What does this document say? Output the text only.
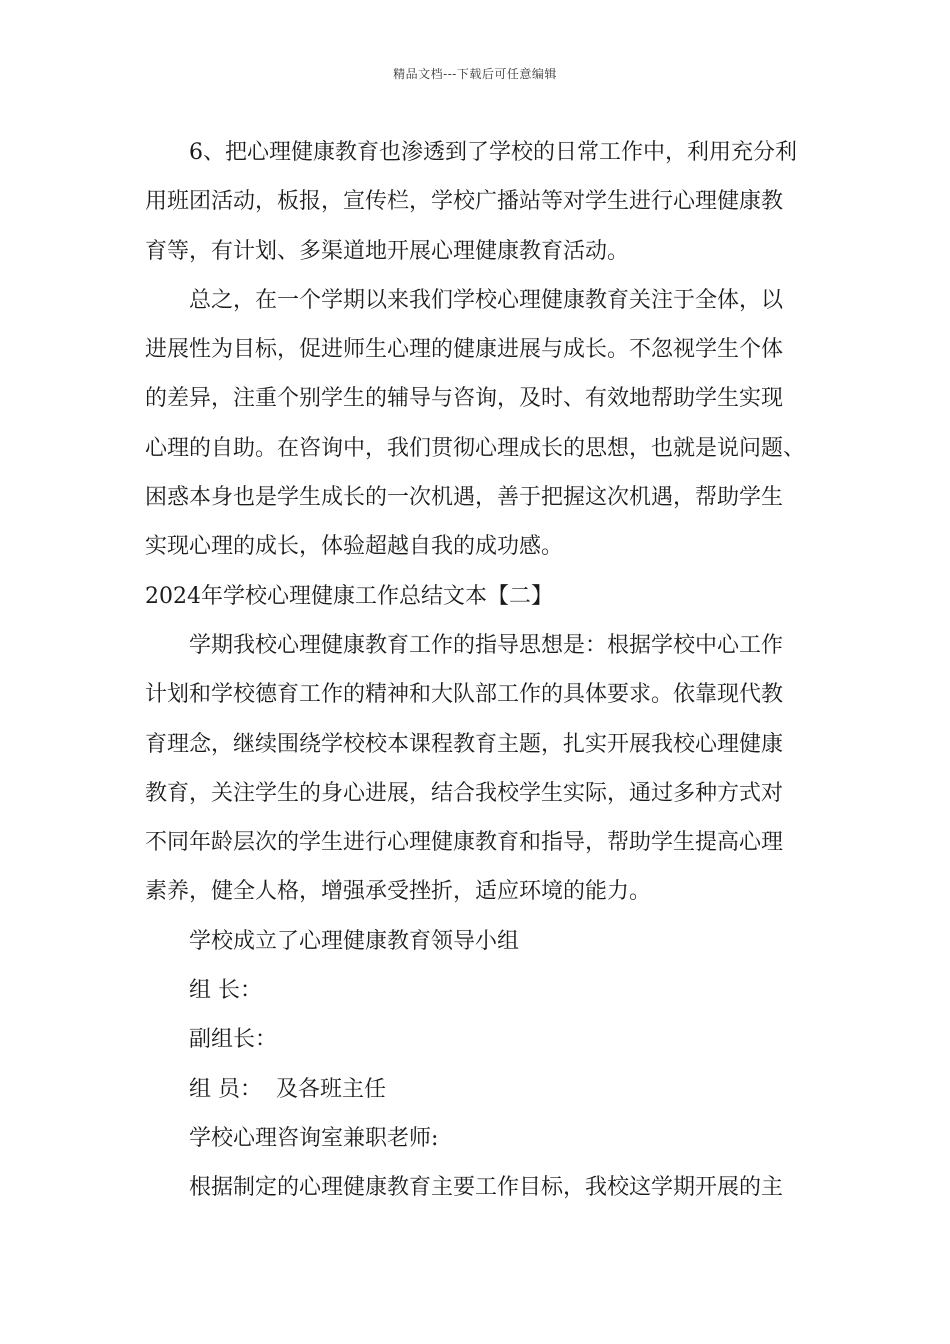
精品文档---下载后可任意编辑
6、把心理健康教育也渗透到了学校的日常工作中，利用充分利
用班团活动，板报，宣传栏，学校广播站等对学生进行心理健康教
育等，有计划、多渠道地开展心理健康教育活动。
总之，在一个学期以来我们学校心理健康教育关注于全体，以
进展性为目标，促进师生心理的健康进展与成长。不忽视学生个体
的差异，注重个别学生的辅导与咨询，及时、有效地帮助学生实现
心理的自助。在咨询中，我们贯彻心理成长的思想，也就是说问题、
困惑本身也是学生成长的一次机遇，善于把握这次机遇，帮助学生
实现心理的成长，体验超越自我的成功感。
2024年学校心理健康工作总结文本【二】
学期我校心理健康教育工作的指导思想是：根据学校中心工作
计划和学校德育工作的精神和大队部工作的具体要求。依靠现代教
育理念，继续围绕学校校本课程教育主题，扎实开展我校心理健康
教育，关注学生的身心进展，结合我校学生实际，通过多种方式对
不同年龄层次的学生进行心理健康教育和指导，帮助学生提高心理
素养，健全人格，增强承受挫折，适应环境的能力。
学校成立了心理健康教育领导小组
组 长：
副组长：
组 员：  及各班主任
学校心理咨询室兼职老师:
根据制定的心理健康教育主要工作目标，我校这学期开展的主
